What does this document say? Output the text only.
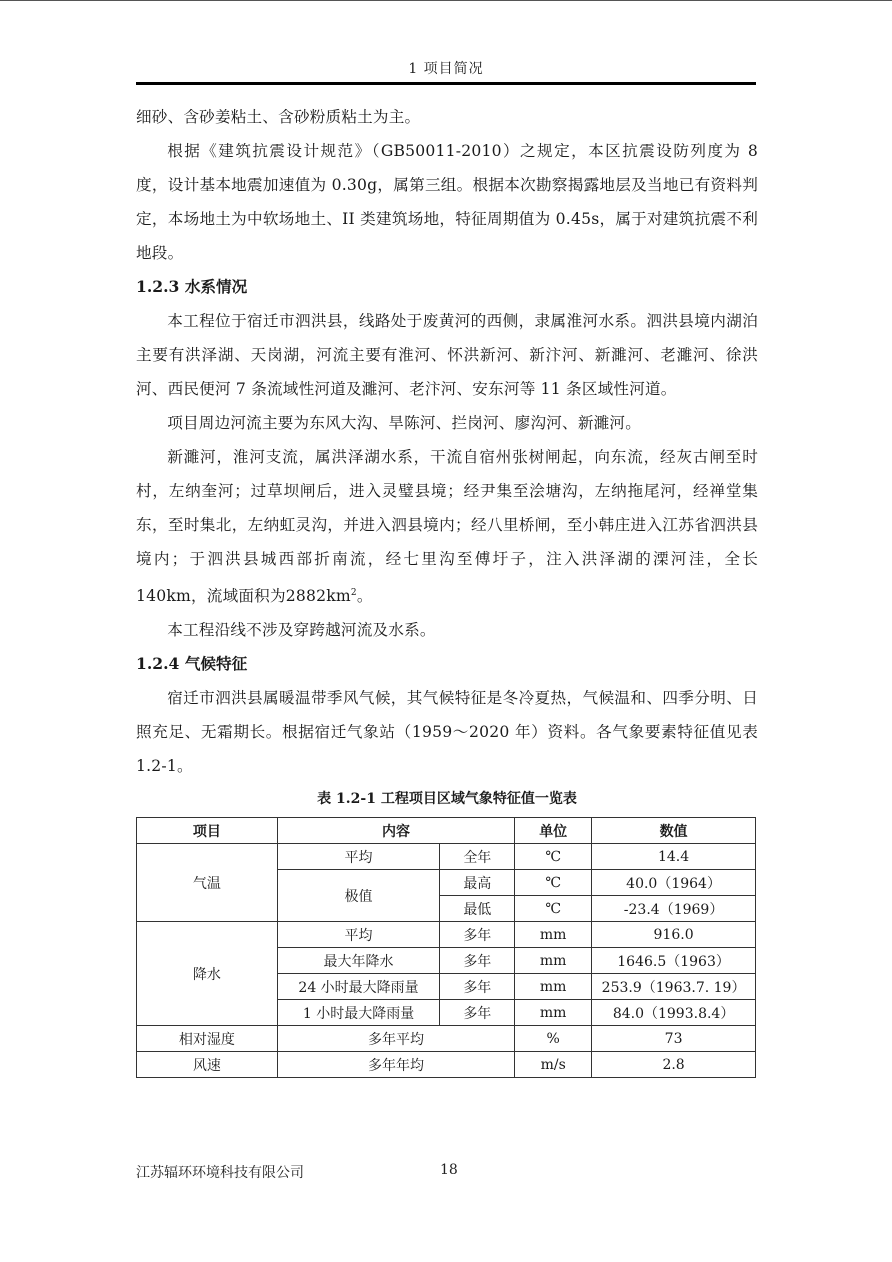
1 项目简况

细砂、含砂姜粘土、含砂粉质粘土为主。

根据《建筑抗震设计规范》（GB50011-2010）之规定，本区抗震设防列度为 8 度，设计基本地震加速值为 0.30g，属第三组。根据本次勘察揭露地层及当地已有资料判定，本场地土为中软场地土、II 类建筑场地，特征周期值为 0.45s，属于对建筑抗震不利地段。

1.2.3 水系情况

本工程位于宿迁市泗洪县，线路处于废黄河的西侧，隶属淮河水系。泗洪县境内湖泊主要有洪泽湖、天岗湖，河流主要有淮河、怀洪新河、新汴河、新濉河、老濉河、徐洪河、西民便河 7 条流域性河道及濉河、老汴河、安东河等 11 条区域性河道。

项目周边河流主要为东风大沟、旱陈河、拦岗河、廖沟河、新濉河。

新濉河，淮河支流，属洪泽湖水系，干流自宿州张树闸起，向东流，经灰古闸至时村，左纳奎河；过草坝闸后，进入灵璧县境；经尹集至浍塘沟，左纳拖尾河，经禅堂集东，至时集北，左纳虹灵沟，并进入泗县境内；经八里桥闸，至小韩庄进入江苏省泗洪县境内；于泗洪县城西部折南流，经七里沟至傅圩子，注入洪泽湖的溧河洼，全长 140km，流域面积为$2882km^2$。

本工程沿线不涉及穿跨越河流及水系。

1.2.4 气候特征

宿迁市泗洪县属暖温带季风气候，其气候特征是冬冷夏热，气候温和、四季分明、日照充足、无霜期长。根据宿迁气象站（1959～2020 年）资料。各气象要素特征值见表 1.2-1。

表 1.2-1 工程项目区域气象特征值一览表
项目	内容		单位	数值
气温	平均	全年	℃	14.4
	极值	最高	℃	40.0（1964）
		最低	℃	-23.4（1969）
降水	平均	多年	mm	916.0
	最大年降水	多年	mm	1646.5（1963）
	24 小时最大降雨量	多年	mm	253.9（1963.7. 19）
	1 小时最大降雨量	多年	mm	84.0（1993.8.4）
相对湿度	多年平均		%	73
风速	多年年均		m/s	2.8
江苏辐环环境科技有限公司	18
